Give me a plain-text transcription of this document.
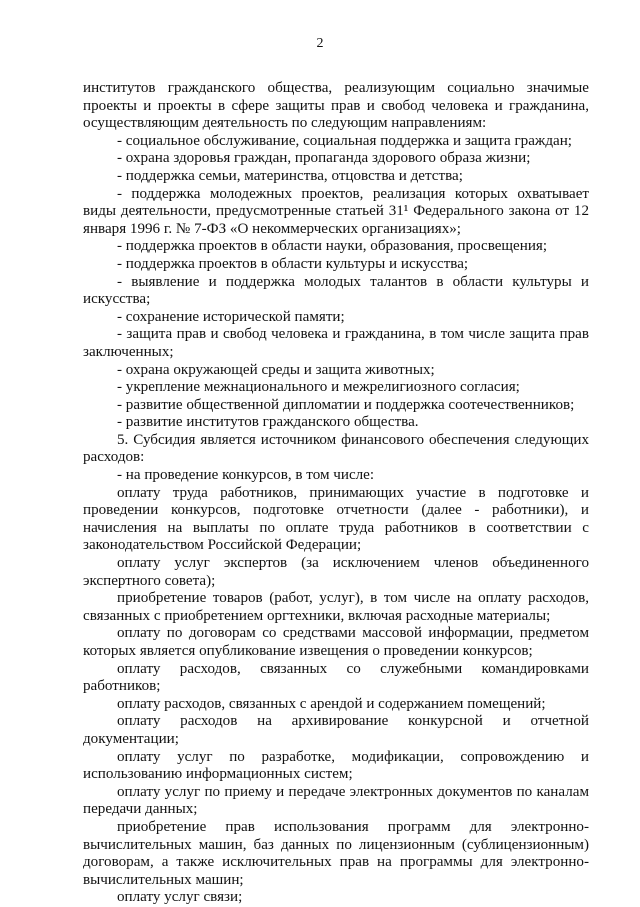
2

институтов гражданского общества, реализующим социально значимые проекты и проекты в сфере защиты прав и свобод человека и гражданина, осуществляющим деятельность по следующим направлениям:

- социальное обслуживание, социальная поддержка и защита граждан;

- охрана здоровья граждан, пропаганда здорового образа жизни;

- поддержка семьи, материнства, отцовства и детства;

- поддержка молодежных проектов, реализация которых охватывает виды деятельности, предусмотренные статьей 31¹ Федерального закона от 12 января 1996 г. № 7-ФЗ «О некоммерческих организациях»;

- поддержка проектов в области науки, образования, просвещения;

- поддержка проектов в области культуры и искусства;

- выявление и поддержка молодых талантов в области культуры и искусства;

- сохранение исторической памяти;

- защита прав и свобод человека и гражданина, в том числе защита прав заключенных;

- охрана окружающей среды и защита животных;

- укрепление межнационального и межрелигиозного согласия;

- развитие общественной дипломатии и поддержка соотечественников;

- развитие институтов гражданского общества.

5. Субсидия является источником финансового обеспечения следующих расходов:

- на проведение конкурсов, в том числе:

оплату труда работников, принимающих участие в подготовке и проведении конкурсов, подготовке отчетности (далее - работники), и начисления на выплаты по оплате труда работников в соответствии с законодательством Российской Федерации;

оплату услуг экспертов (за исключением членов объединенного экспертного совета);

приобретение товаров (работ, услуг), в том числе на оплату расходов, связанных с приобретением оргтехники, включая расходные материалы;

оплату по договорам со средствами массовой информации, предметом которых является опубликование извещения о проведении конкурсов;

оплату расходов, связанных со служебными командировками работников;

оплату расходов, связанных с арендой и содержанием помещений;

оплату расходов на архивирование конкурсной и отчетной документации;

оплату услуг по разработке, модификации, сопровождению и использованию информационных систем;

оплату услуг по приему и передаче электронных документов по каналам передачи данных;

приобретение прав использования программ для электронно-вычислительных машин, баз данных по лицензионным (сублицензионным) договорам, а также исключительных прав на программы для электронно-вычислительных машин;

оплату услуг связи;
